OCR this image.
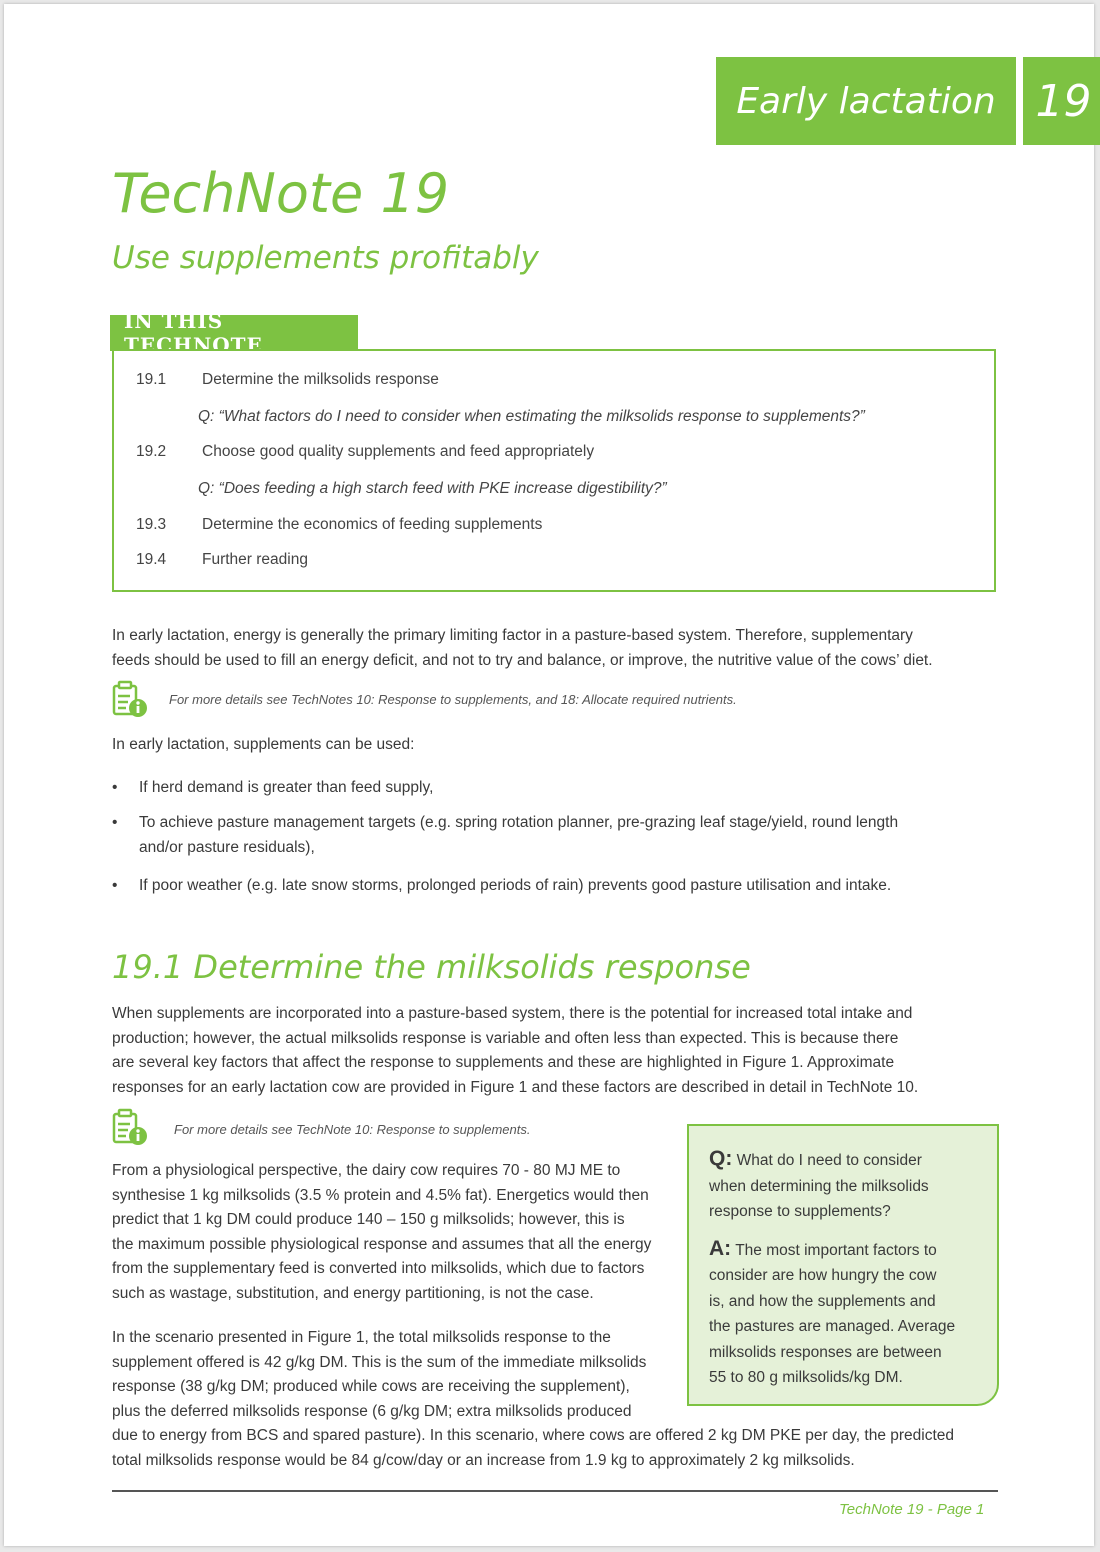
Early lactation 19
TechNote 19
Use supplements profitably
IN THIS TECHNOTE
19.1 Determine the milksolids response
Q: “What factors do I need to consider when estimating the milksolids response to supplements?”
19.2 Choose good quality supplements and feed appropriately
Q: “Does feeding a high starch feed with PKE increase digestibility?”
19.3 Determine the economics of feeding supplements
19.4 Further reading
In early lactation, energy is generally the primary limiting factor in a pasture-based system. Therefore, supplementary
feeds should be used to fill an energy deficit, and not to try and balance, or improve, the nutritive value of the cows’ diet.
For more details see TechNotes 10: Response to supplements, and 18: Allocate required nutrients.
In early lactation, supplements can be used:
• If herd demand is greater than feed supply,
• To achieve pasture management targets (e.g. spring rotation planner, pre-grazing leaf stage/yield, round length
and/or pasture residuals),
• If poor weather (e.g. late snow storms, prolonged periods of rain) prevents good pasture utilisation and intake.
19.1 Determine the milksolids response
When supplements are incorporated into a pasture-based system, there is the potential for increased total intake and
production; however, the actual milksolids response is variable and often less than expected. This is because there
are several key factors that affect the response to supplements and these are highlighted in Figure 1. Approximate
responses for an early lactation cow are provided in Figure 1 and these factors are described in detail in TechNote 10.
For more details see TechNote 10: Response to supplements.
From a physiological perspective, the dairy cow requires 70 - 80 MJ ME to
synthesise 1 kg milksolids (3.5 % protein and 4.5% fat). Energetics would then
predict that 1 kg DM could produce 140 – 150 g milksolids; however, this is
the maximum possible physiological response and assumes that all the energy
from the supplementary feed is converted into milksolids, which due to factors
such as wastage, substitution, and energy partitioning, is not the case.
In the scenario presented in Figure 1, the total milksolids response to the
supplement offered is 42 g/kg DM. This is the sum of the immediate milksolids
response (38 g/kg DM; produced while cows are receiving the supplement),
plus the deferred milksolids response (6 g/kg DM; extra milksolids produced
due to energy from BCS and spared pasture). In this scenario, where cows are offered 2 kg DM PKE per day, the predicted
total milksolids response would be 84 g/cow/day or an increase from 1.9 kg to approximately 2 kg milksolids.
Q: What do I need to consider
when determining the milksolids
response to supplements?
A: The most important factors to
consider are how hungry the cow
is, and how the supplements and
the pastures are managed. Average
milksolids responses are between
55 to 80 g milksolids/kg DM.
TechNote 19 - Page 1
